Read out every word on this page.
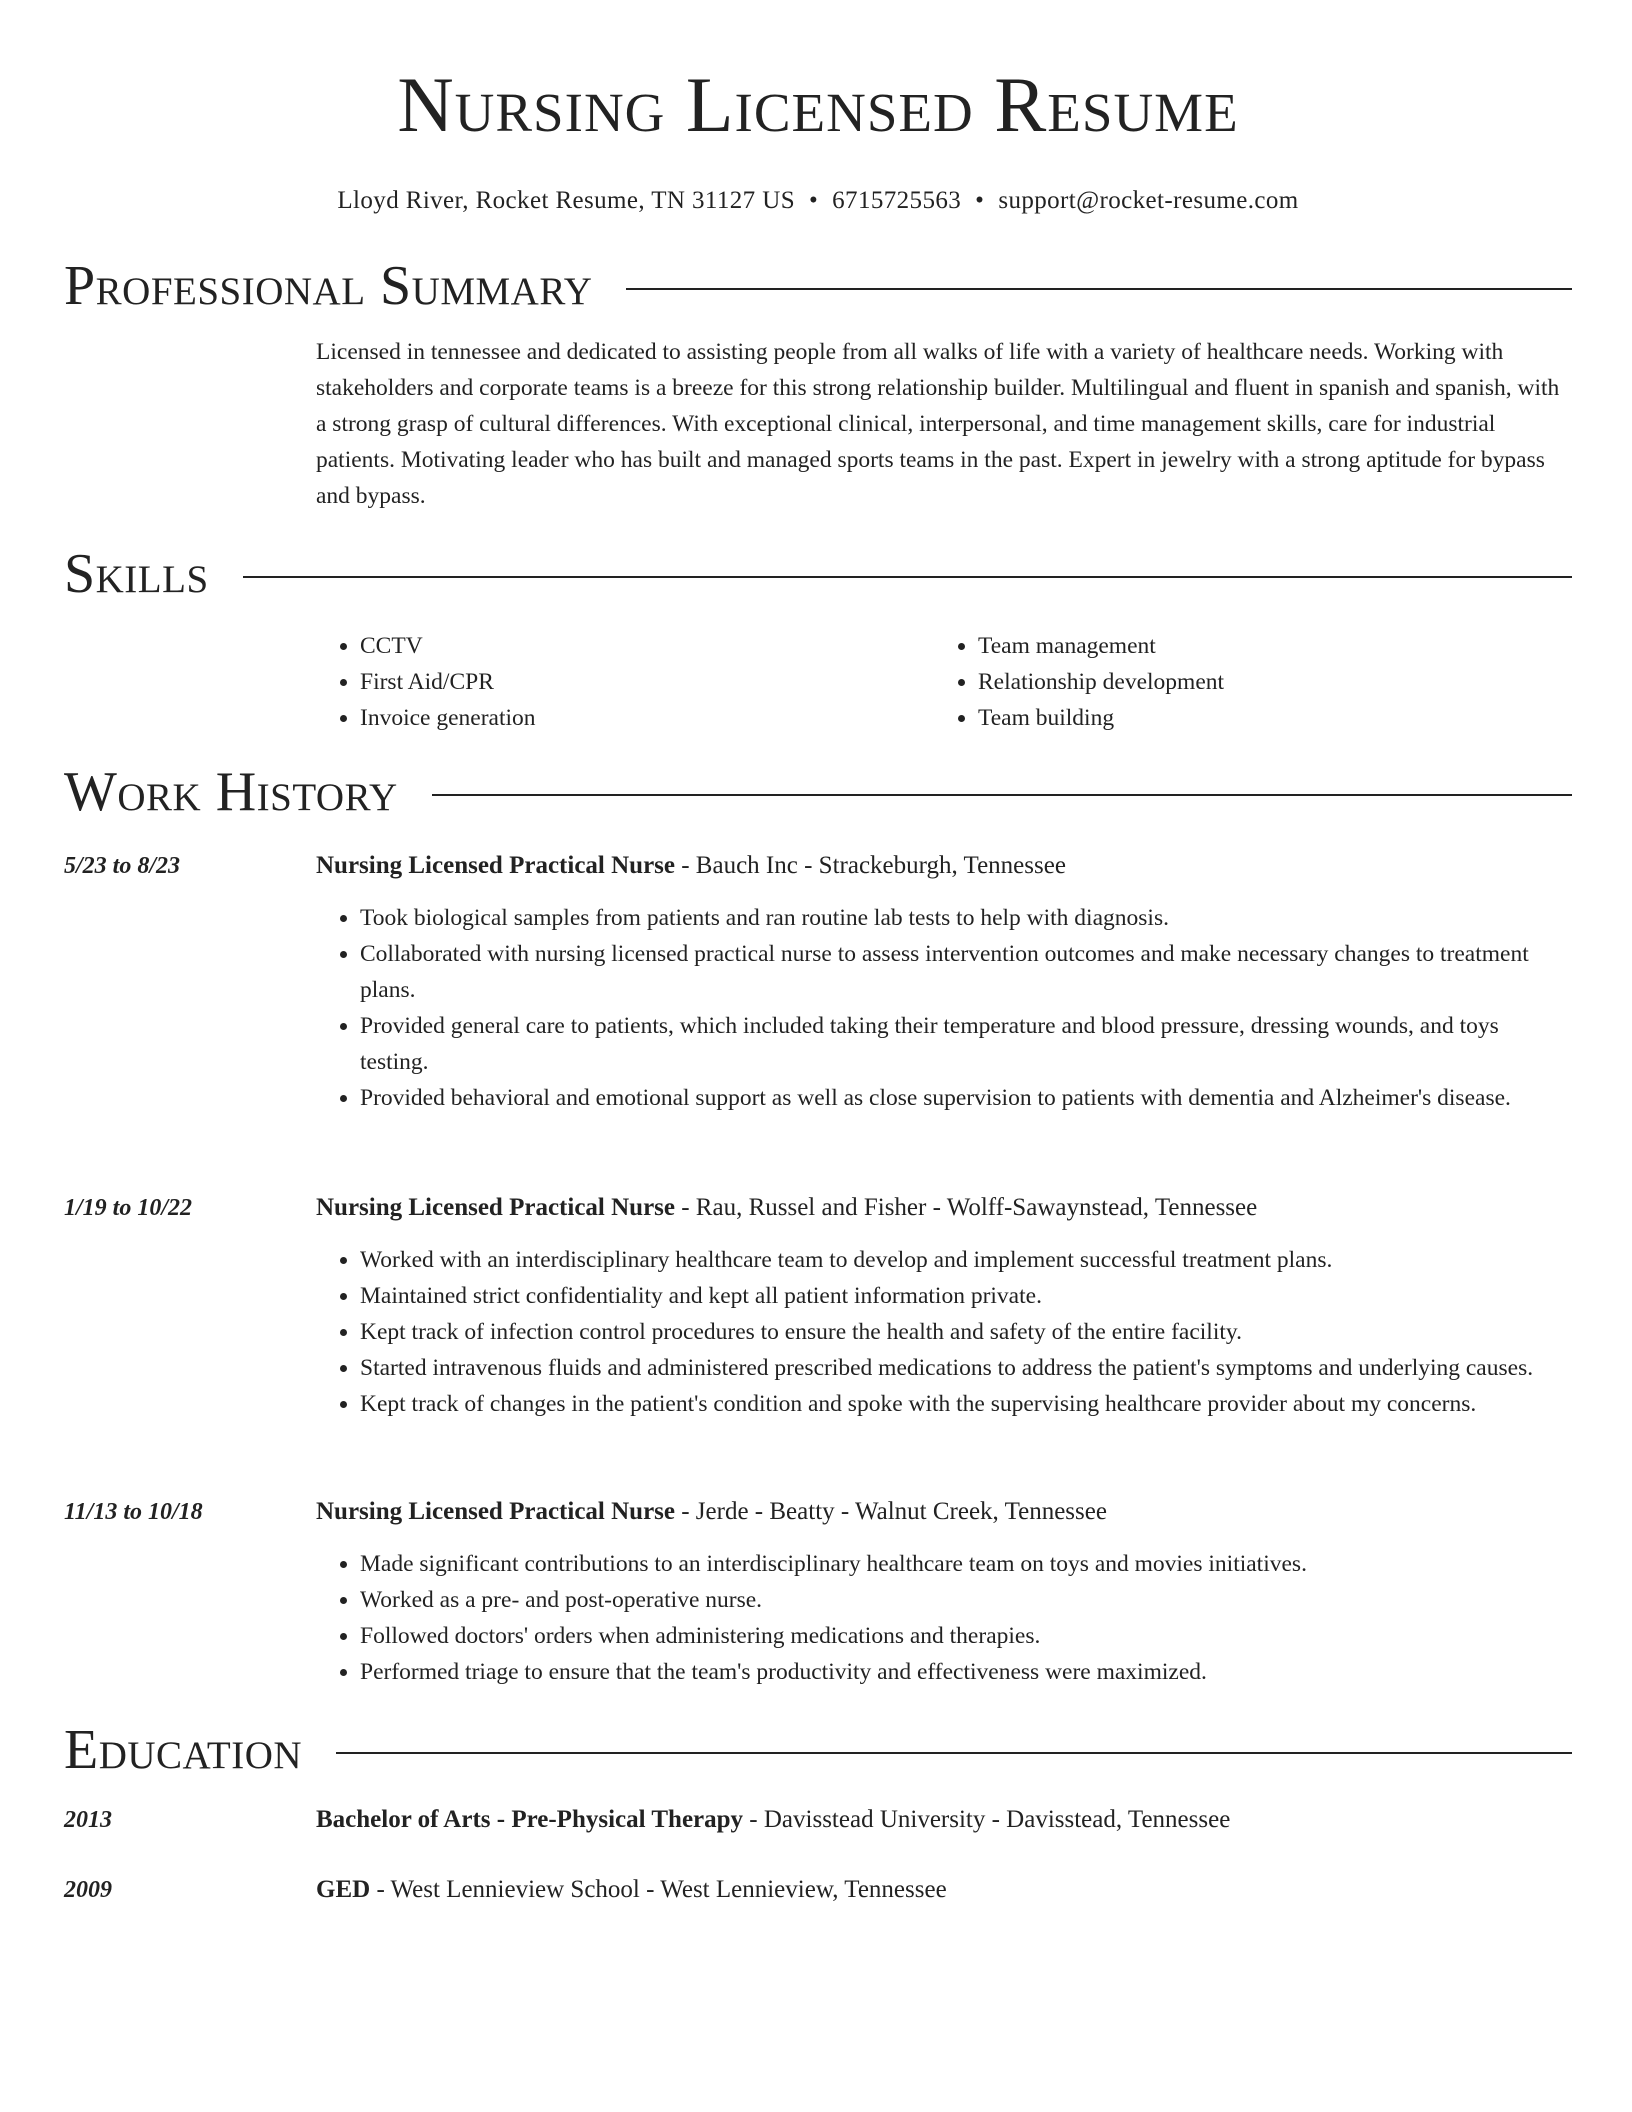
Nursing Licensed Resume
Lloyd River, Rocket Resume, TN 31127 US • 6715725563 • support@rocket-resume.com
Professional Summary

Licensed in tennessee and dedicated to assisting people from all walks of life with a variety of healthcare needs. Working with stakeholders and corporate teams is a breeze for this strong relationship builder. Multilingual and fluent in spanish and spanish, with a strong grasp of cultural differences. With exceptional clinical, interpersonal, and time management skills, care for industrial patients. Motivating leader who has built and managed sports teams in the past. Expert in jewelry with a strong aptitude for bypass and bypass.

Skills
• CCTV
• First Aid/CPR
• Invoice generation
• Team management
• Relationship development
• Team building
Work History
5/23 to 8/23	Nursing Licensed Practical Nurse - Bauch Inc - Strackeburgh, Tennessee
• Took biological samples from patients and ran routine lab tests to help with diagnosis.
• Collaborated with nursing licensed practical nurse to assess intervention outcomes and make necessary changes to treatment plans.
• Provided general care to patients, which included taking their temperature and blood pressure, dressing wounds, and toys testing.
• Provided behavioral and emotional support as well as close supervision to patients with dementia and Alzheimer's disease.
1/19 to 10/22	Nursing Licensed Practical Nurse - Rau, Russel and Fisher - Wolff-Sawaynstead, Tennessee
• Worked with an interdisciplinary healthcare team to develop and implement successful treatment plans.
• Maintained strict confidentiality and kept all patient information private.
• Kept track of infection control procedures to ensure the health and safety of the entire facility.
• Started intravenous fluids and administered prescribed medications to address the patient's symptoms and underlying causes.
• Kept track of changes in the patient's condition and spoke with the supervising healthcare provider about my concerns.
11/13 to 10/18	Nursing Licensed Practical Nurse - Jerde - Beatty - Walnut Creek, Tennessee
• Made significant contributions to an interdisciplinary healthcare team on toys and movies initiatives.
• Worked as a pre- and post-operative nurse.
• Followed doctors' orders when administering medications and therapies.
• Performed triage to ensure that the team's productivity and effectiveness were maximized.
Education
2013	Bachelor of Arts - Pre-Physical Therapy - Davisstead University - Davisstead, Tennessee
2009	GED - West Lennieview School - West Lennieview, Tennessee
